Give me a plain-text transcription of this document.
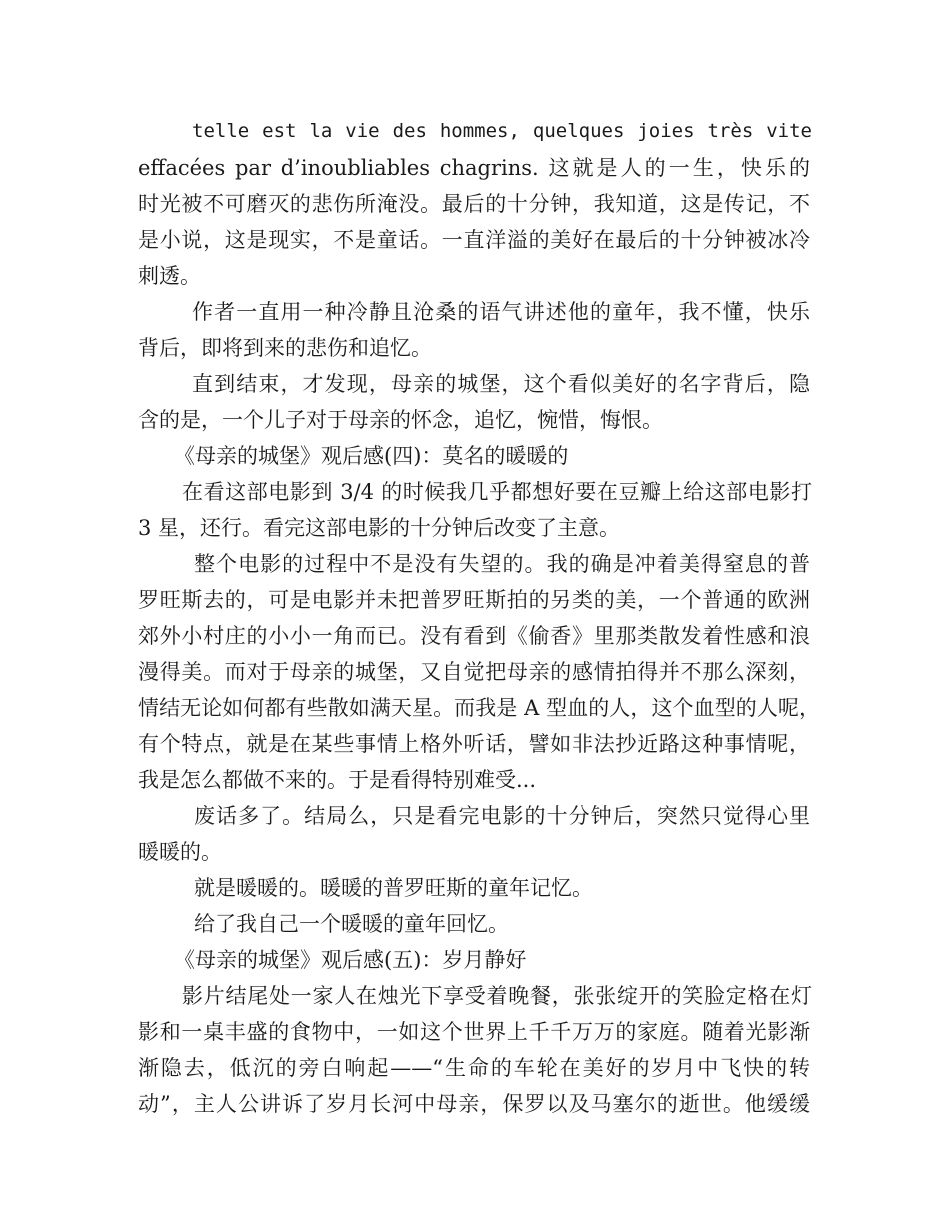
telle est la vie des hommes, quelques joies très vite
effacées par d’inoubliables chagrins. 这就是人的一生，快乐的
时光被不可磨灭的悲伤所淹没。最后的十分钟，我知道，这是传记，不
是小说，这是现实，不是童话。一直洋溢的美好在最后的十分钟被冰冷
刺透。
作者一直用一种冷静且沧桑的语气讲述他的童年，我不懂，快乐
背后，即将到来的悲伤和追忆。
直到结束，才发现，母亲的城堡，这个看似美好的名字背后，隐
含的是，一个儿子对于母亲的怀念，追忆，惋惜，悔恨。
《母亲的城堡》观后感(四)：莫名的暖暖的
在看这部电影到 3/4 的时候我几乎都想好要在豆瓣上给这部电影打
3 星，还行。看完这部电影的十分钟后改变了主意。
整个电影的过程中不是没有失望的。我的确是冲着美得窒息的普
罗旺斯去的，可是电影并未把普罗旺斯拍的另类的美，一个普通的欧洲
郊外小村庄的小小一角而已。没有看到《偷香》里那类散发着性感和浪
漫得美。而对于母亲的城堡，又自觉把母亲的感情拍得并不那么深刻，
情结无论如何都有些散如满天星。而我是 A 型血的人，这个血型的人呢，
有个特点，就是在某些事情上格外听话，譬如非法抄近路这种事情呢，
我是怎么都做不来的。于是看得特别难受...
废话多了。结局么，只是看完电影的十分钟后，突然只觉得心里
暖暖的。
就是暖暖的。暖暖的普罗旺斯的童年记忆。
给了我自己一个暖暖的童年回忆。
《母亲的城堡》观后感(五)：岁月静好
影片结尾处一家人在烛光下享受着晚餐，张张绽开的笑脸定格在灯
影和一桌丰盛的食物中，一如这个世界上千千万万的家庭。随着光影渐
渐隐去，低沉的旁白响起——“生命的车轮在美好的岁月中飞快的转
动”，主人公讲诉了岁月长河中母亲，保罗以及马塞尔的逝世。他缓缓
